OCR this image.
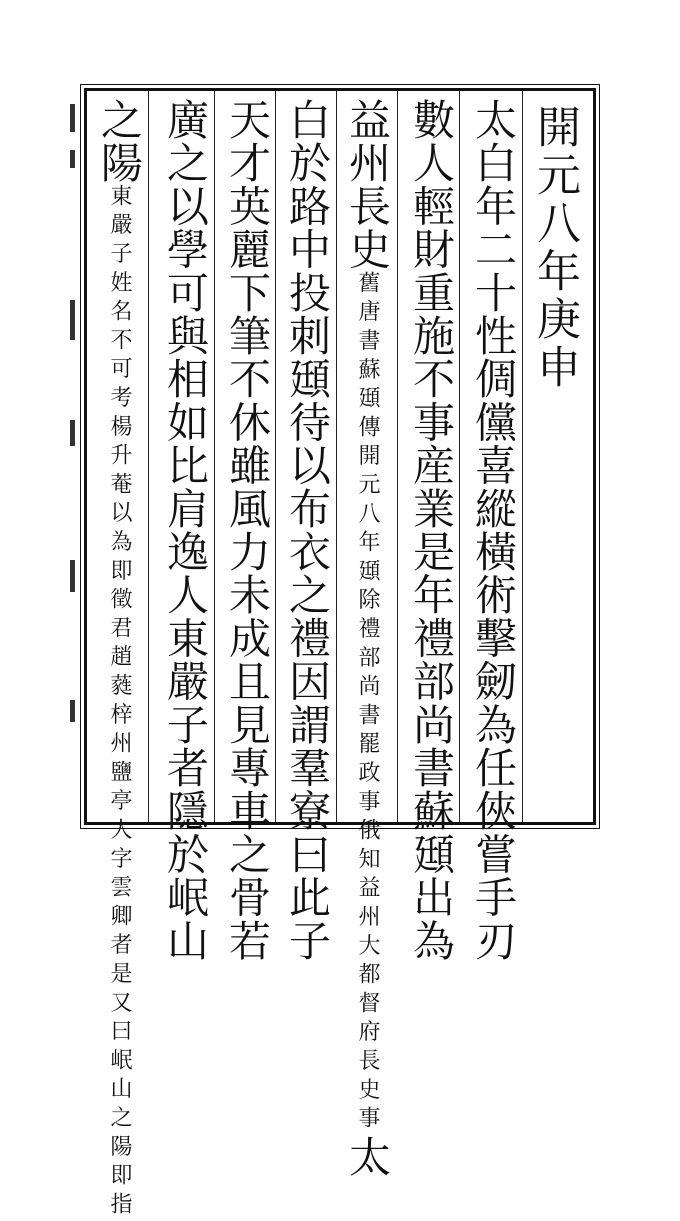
開元八年庚申
太白年二十性倜儻喜縱橫術擊劒為任俠嘗手刃
數人輕財重施不事産業是年禮部尚書蘇頲出為
益州長史舊唐書蘇頲傳開元八年頲除禮部尚書罷政事俄知益州大都督府長史事太
白於路中投刺頲待以布衣之禮因謂羣寮曰此子
天才英麗下筆不休雖風力未成且見專車之骨若
廣之以學可與相如比肩逸人東嚴子者隱於岷山
之陽東嚴子姓名不可考楊升菴以為即徵君趙蕤梓州鹽亭人字雲卿者是又曰岷山之陽即指
